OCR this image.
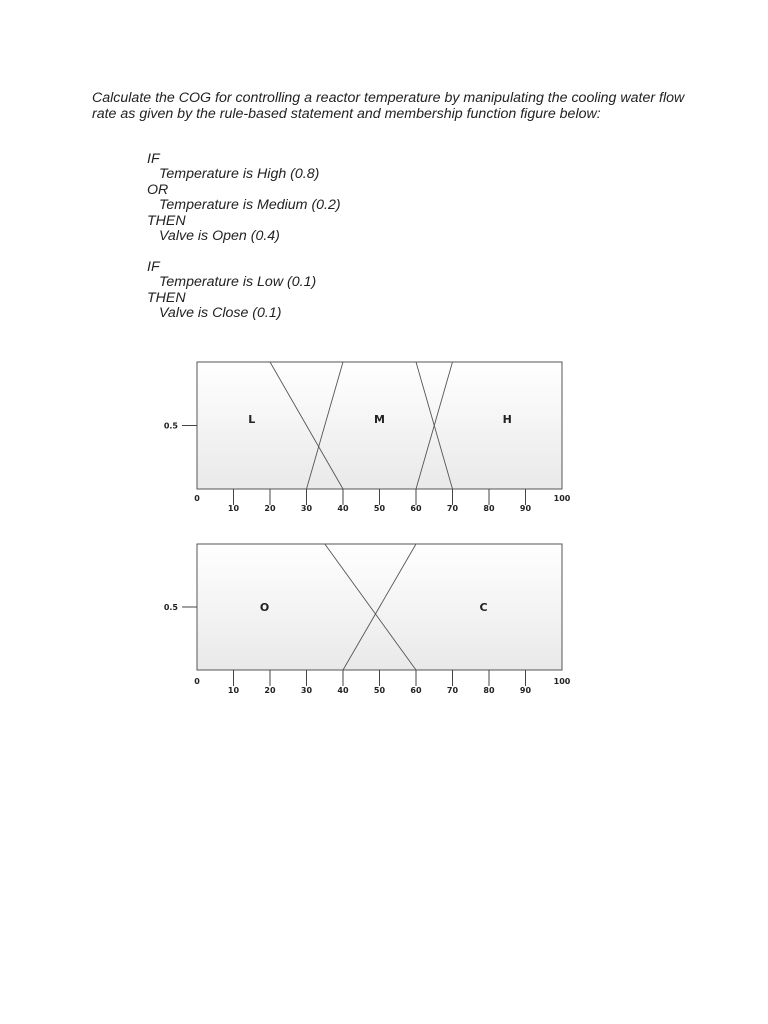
Calculate the COG for controlling a reactor temperature by manipulating the cooling water flow
rate as given by the rule-based statement and membership function figure below:
IF
Temperature is High (0.8)
OR
Temperature is Medium (0.2)
THEN
Valve is Open (0.4)
IF
Temperature is Low (0.1)
THEN
Valve is Close (0.1)
0.5
0
10	20	30	40	50	60	70	80	90
100
L	M	H
0.5
0
10	20	30	40	50	60	70	80	90
100
O	C
